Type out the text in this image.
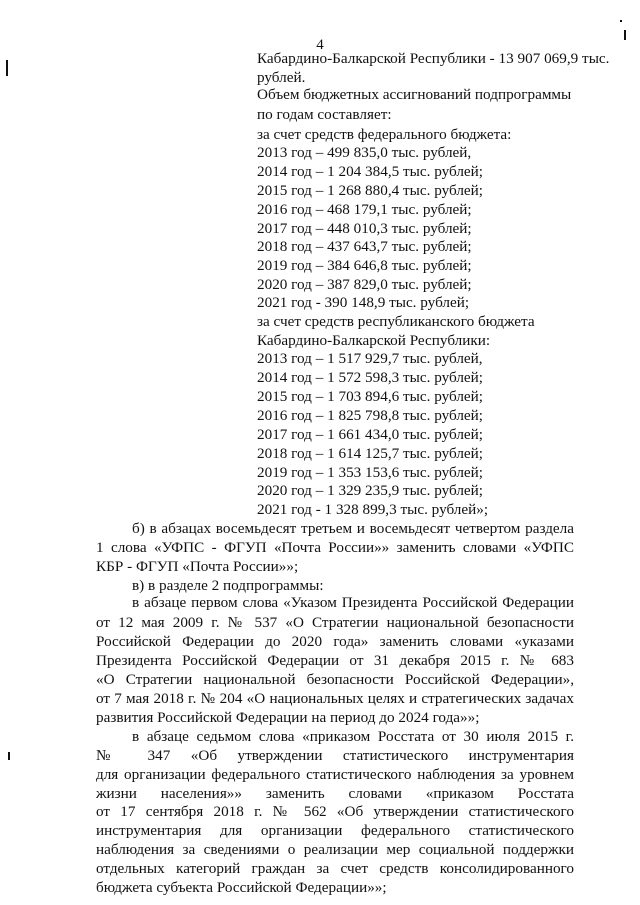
4
Кабардино-Балкарской Республики - 13 907 069,9 тыс.
рублей.
Объем бюджетных ассигнований подпрограммы
по годам составляет:
за счет средств федерального бюджета:
2013 год – 499 835,0 тыс. рублей,
2014 год – 1 204 384,5 тыс. рублей;
2015 год – 1 268 880,4 тыс. рублей;
2016 год – 468 179,1 тыс. рублей;
2017 год – 448 010,3 тыс. рублей;
2018 год – 437 643,7 тыс. рублей;
2019 год – 384 646,8 тыс. рублей;
2020 год – 387 829,0 тыс. рублей;
2021 год - 390 148,9 тыс. рублей;
за счет средств республиканского бюджета
Кабардино-Балкарской Республики:
2013 год – 1 517 929,7 тыс. рублей,
2014 год – 1 572 598,3 тыс. рублей;
2015 год – 1 703 894,6 тыс. рублей;
2016 год – 1 825 798,8 тыс. рублей;
2017 год – 1 661 434,0 тыс. рублей;
2018 год – 1 614 125,7 тыс. рублей;
2019 год – 1 353 153,6 тыс. рублей;
2020 год – 1 329 235,9 тыс. рублей;
2021 год - 1 328 899,3 тыс. рублей»;
б) в абзацах восемьдесят третьем и восемьдесят четвертом раздела
1 слова «УФПС - ФГУП «Почта России»» заменить словами «УФПС
КБР - ФГУП «Почта России»»;
в) в разделе 2 подпрограммы:
в абзаце первом слова «Указом Президента Российской Федерации
от 12 мая 2009 г. № 537 «О Стратегии национальной безопасности
Российской Федерации до 2020 года» заменить словами «указами
Президента Российской Федерации от 31 декабря 2015 г. № 683
«О Стратегии национальной безопасности Российской Федерации»,
от 7 мая 2018 г. № 204 «О национальных целях и стратегических задачах
развития Российской Федерации на период до 2024 года»»;
в абзаце седьмом слова «приказом Росстата от 30 июля 2015 г.
№ 347 «Об утверждении статистического инструментария
для организации федерального статистического наблюдения за уровнем
жизни населения»» заменить словами «приказом Росстата
от 17 сентября 2018 г. № 562 «Об утверждении статистического
инструментария для организации федерального статистического
наблюдения за сведениями о реализации мер социальной поддержки
отдельных категорий граждан за счет средств консолидированного
бюджета субъекта Российской Федерации»»;
